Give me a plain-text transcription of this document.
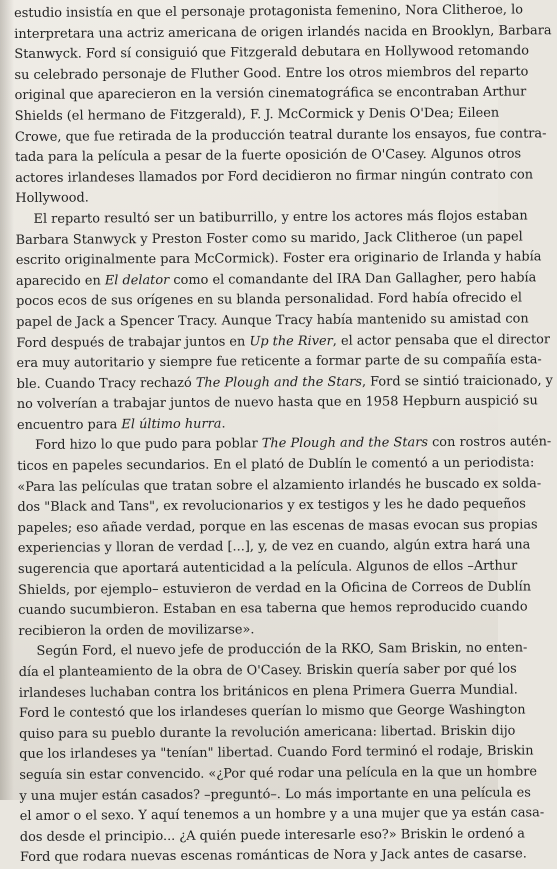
estudio insistía en que el personaje protagonista femenino, Nora Clitheroe, lo
interpretara una actriz americana de origen irlandés nacida en Brooklyn, Barbara
Stanwyck. Ford sí consiguió que Fitzgerald debutara en Hollywood retomando
su celebrado personaje de Fluther Good. Entre los otros miembros del reparto
original que aparecieron en la versión cinematográfica se encontraban Arthur
Shields (el hermano de Fitzgerald), F. J. McCormick y Denis O'Dea; Eileen
Crowe, que fue retirada de la producción teatral durante los ensayos, fue contra-
tada para la película a pesar de la fuerte oposición de O'Casey. Algunos otros
actores irlandeses llamados por Ford decidieron no firmar ningún contrato con
Hollywood.
El reparto resultó ser un batiburrillo, y entre los actores más flojos estaban
Barbara Stanwyck y Preston Foster como su marido, Jack Clitheroe (un papel
escrito originalmente para McCormick). Foster era originario de Irlanda y había
aparecido en El delator como el comandante del IRA Dan Gallagher, pero había
pocos ecos de sus orígenes en su blanda personalidad. Ford había ofrecido el
papel de Jack a Spencer Tracy. Aunque Tracy había mantenido su amistad con
Ford después de trabajar juntos en Up the River, el actor pensaba que el director
era muy autoritario y siempre fue reticente a formar parte de su compañía esta-
ble. Cuando Tracy rechazó The Plough and the Stars, Ford se sintió traicionado, y
no volverían a trabajar juntos de nuevo hasta que en 1958 Hepburn auspició su
encuentro para El último hurra.
Ford hizo lo que pudo para poblar The Plough and the Stars con rostros autén-
ticos en papeles secundarios. En el plató de Dublín le comentó a un periodista:
«Para las películas que tratan sobre el alzamiento irlandés he buscado ex solda-
dos "Black and Tans", ex revolucionarios y ex testigos y les he dado pequeños
papeles; eso añade verdad, porque en las escenas de masas evocan sus propias
experiencias y lloran de verdad [...], y, de vez en cuando, algún extra hará una
sugerencia que aportará autenticidad a la película. Algunos de ellos –Arthur
Shields, por ejemplo– estuvieron de verdad en la Oficina de Correos de Dublín
cuando sucumbieron. Estaban en esa taberna que hemos reproducido cuando
recibieron la orden de movilizarse».
Según Ford, el nuevo jefe de producción de la RKO, Sam Briskin, no enten-
día el planteamiento de la obra de O'Casey. Briskin quería saber por qué los
irlandeses luchaban contra los británicos en plena Primera Guerra Mundial.
Ford le contestó que los irlandeses querían lo mismo que George Washington
quiso para su pueblo durante la revolución americana: libertad. Briskin dijo
que los irlandeses ya "tenían" libertad. Cuando Ford terminó el rodaje, Briskin
seguía sin estar convencido. «¿Por qué rodar una película en la que un hombre
y una mujer están casados? –preguntó–. Lo más importante en una película es
el amor o el sexo. Y aquí tenemos a un hombre y a una mujer que ya están casa-
dos desde el principio... ¿A quién puede interesarle eso?» Briskin le ordenó a
Ford que rodara nuevas escenas románticas de Nora y Jack antes de casarse.
